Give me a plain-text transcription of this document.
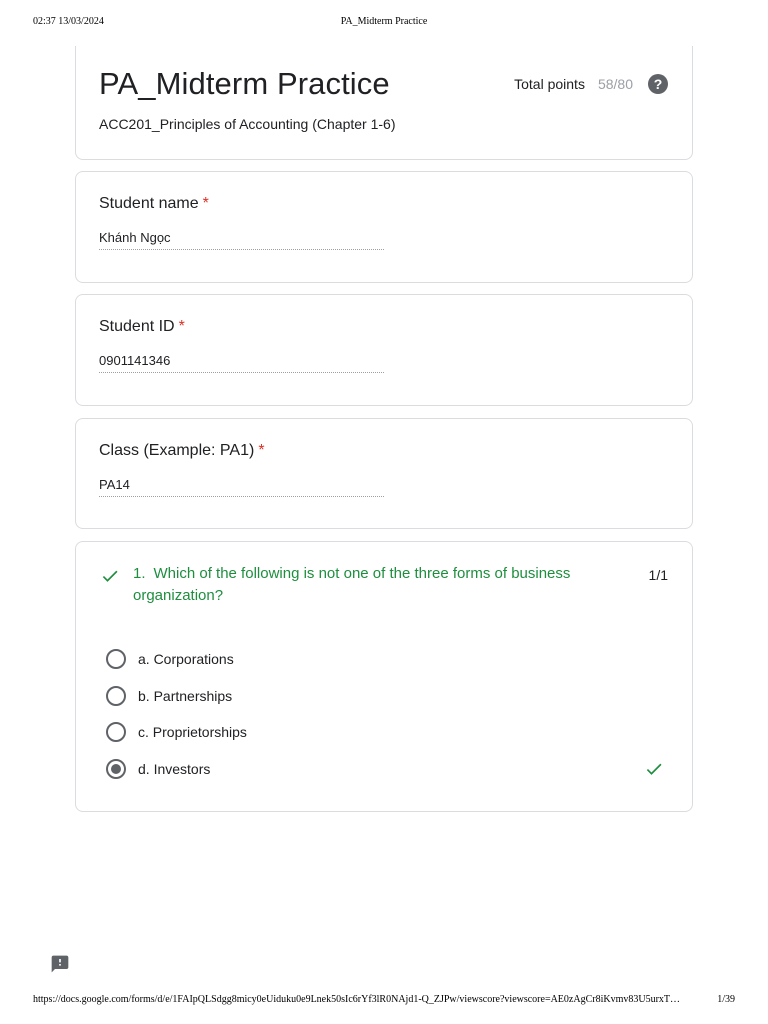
02:37 13/03/2024	PA_Midterm Practice
PA_Midterm Practice	Total points 58/80	?
ACC201_Principles of Accounting (Chapter 1-6)
Student name *
Khánh Ngọc
Student ID *
0901141346
Class (Example: PA1) *
PA14
1. Which of the following is not one of the three forms of business organization?
1/1
a. Corporations
b. Partnerships
c. Proprietorships
d. Investors
https://docs.google.com/forms/d/e/1FAIpQLSdgg8micy0eUiduku0e9Lnek50sIc6rYf3lR0NAjd1-Q_ZJPw/viewscore?viewscore=AE0zAgCr8iKvmv83U5urxT…	1/39
